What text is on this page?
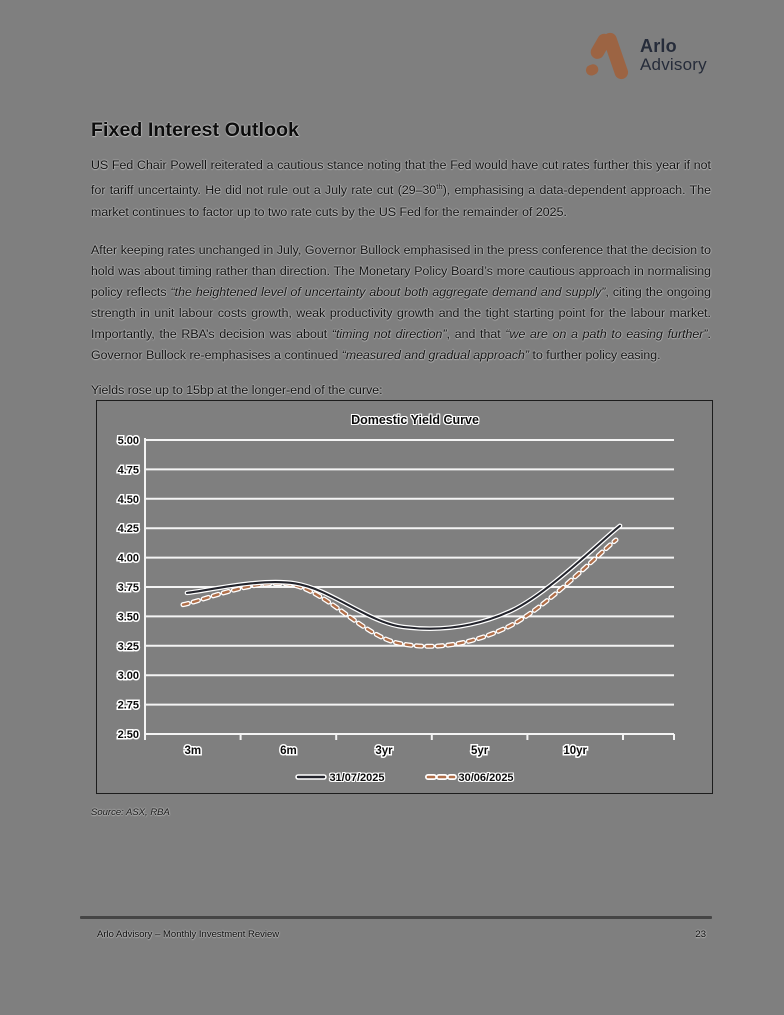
Arlo
Advisory
Fixed Interest Outlook

US Fed Chair Powell reiterated a cautious stance noting that the Fed would have cut rates further this year if not for tariff uncertainty. He did not rule out a July rate cut (29–30th), emphasising a data-dependent approach. The market continues to factor up to two rate cuts by the US Fed for the remainder of 2025.

After keeping rates unchanged in July, Governor Bullock emphasised in the press conference that the decision to hold was about timing rather than direction. The Monetary Policy Board’s more cautious approach in normalising policy reflects “the heightened level of uncertainty about both aggregate demand and supply”, citing the ongoing strength in unit labour costs growth, weak productivity growth and the tight starting point for the labour market. Importantly, the RBA’s decision was about “timing not direction”, and that “we are on a path to easing further”. Governor Bullock re-emphasises a continued “measured and gradual approach” to further policy easing.

Yields rose up to 15bp at the longer-end of the curve:

Domestic Yield Curve
5.00
4.75
4.50
4.25
4.00
3.75
3.50
3.25
3.00
2.75
2.50
3m	6m	3yr	5yr	10yr
31/07/2025	30/06/2025
Source: ASX, RBA
Arlo Advisory – Monthly Investment Review	23
